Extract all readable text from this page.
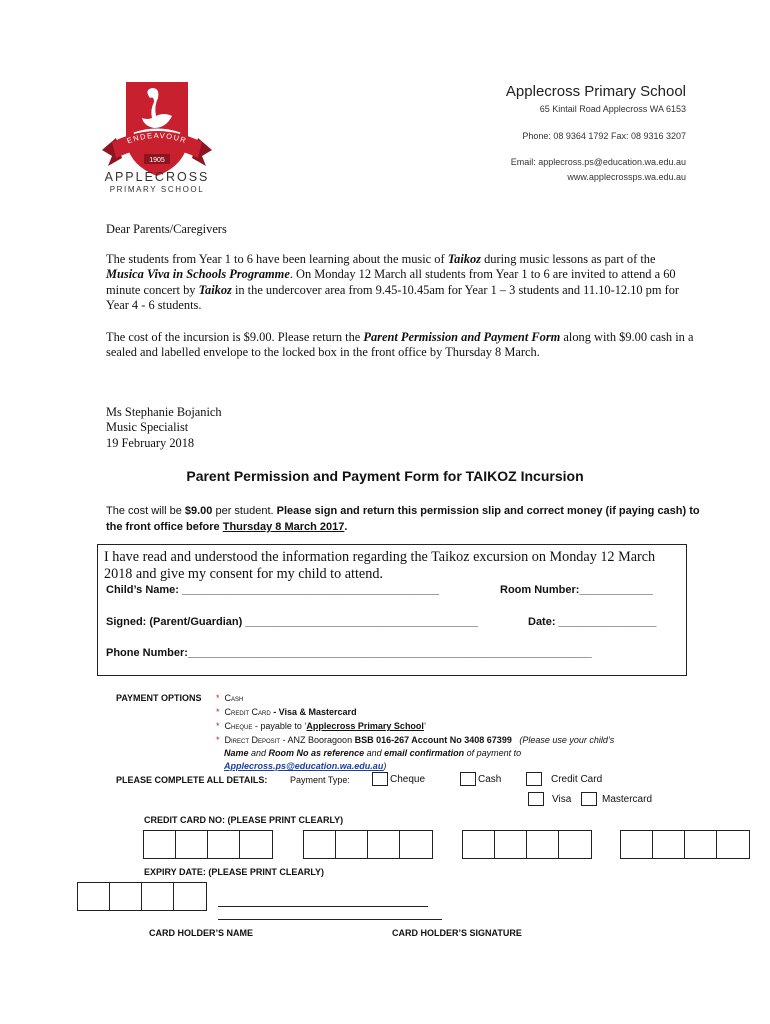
ENDEAVOUR
1905
APPLECROSS
PRIMARY SCHOOL
Applecross Primary School
65 Kintail Road Applecross WA 6153
Phone: 08 9364 1792 Fax: 08 9316 3207
Email: applecross.ps@education.wa.edu.au
www.applecrossps.wa.edu.au
Dear Parents/Caregivers
The students from Year 1 to 6 have been learning about the music of Taikoz during music lessons as part of the Musica Viva in Schools Programme. On Monday 12 March all students from Year 1 to 6 are invited to attend a 60 minute concert by Taikoz in the undercover area from 9.45-10.45am for Year 1 – 3 students and 11.10-12.10 pm for Year 4 - 6 students.
The cost of the incursion is $9.00. Please return the Parent Permission and Payment Form along with $9.00 cash in a sealed and labelled envelope to the locked box in the front office by Thursday 8 March.
Ms Stephanie Bojanich
Music Specialist
19 February 2018
Parent Permission and Payment Form for TAIKOZ Incursion
The cost will be $9.00 per student. Please sign and return this permission slip and correct money (if paying cash) to the front office before Thursday 8 March 2017.
I have read and understood the information regarding the Taikoz excursion on Monday 12 March 2018 and give my consent for my child to attend.
Child’s Name: __________________________________________	Room Number:____________
Signed: (Parent/Guardian) ______________________________________	Date: ________________
Phone Number:__________________________________________________________________
PAYMENT OPTIONS * Cash
* Credit Card - Visa & Mastercard
* Cheque - payable to ‘Applecross Primary School’
* Direct Deposit - ANZ Booragoon BSB 016-267 Account No 3408 67399 (Please use your child’s
Name and Room No as reference and email confirmation of payment to
Applecross.ps@education.wa.edu.au)
PLEASE COMPLETE ALL DETAILS:	Payment Type:	Cheque	Cash	Credit Card
Visa	Mastercard
CREDIT CARD NO: (PLEASE PRINT CLEARLY)
EXPIRY DATE: (PLEASE PRINT CLEARLY)
CARD HOLDER’S NAME	CARD HOLDER’S SIGNATURE
